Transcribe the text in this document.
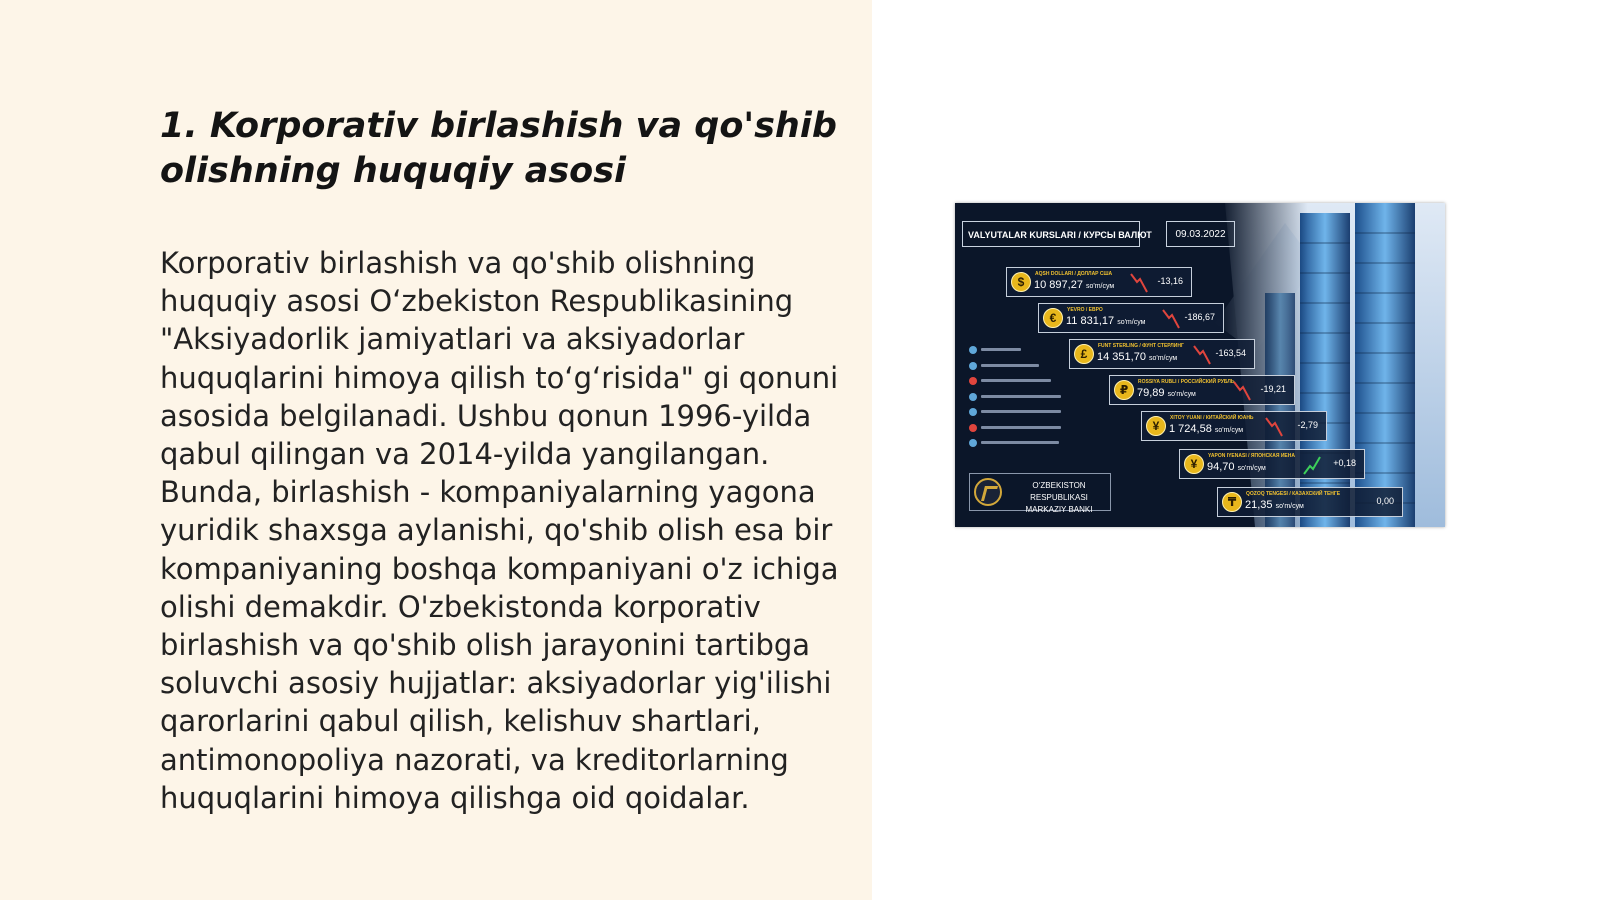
1. Korporativ birlashish va qo'shib olishning huquqiy asosi

Korporativ birlashish va qo'shib olishning huquqiy asosi O‘zbekiston Respublikasining "Aksiyadorlik jamiyatlari va aksiyadorlar huquqlarini himoya qilish to‘g‘risida" gi qonuni asosida belgilanadi. Ushbu qonun 1996-yilda qabul qilingan va 2014-yilda yangilangan. Bunda, birlashish - kompaniyalarning yagona yuridik shaxsga aylanishi, qo'shib olish esa bir kompaniyaning boshqa kompaniyani o'z ichiga olishi demakdir. O'zbekistonda korporativ birlashish va qo'shib olish jarayonini tartibga soluvchi asosiy hujjatlar: aksiyadorlar yig'ilishi qarorlarini qabul qilish, kelishuv shartlari, antimonopoliya nazorati, va kreditorlarning huquqlarini himoya qilishga oid qoidalar.

VALYUTALAR KURSLARI / КУРСЫ ВАЛЮТ	09.03.2022
$
AQSH DOLLARI / ДОЛЛАР США
10 897,27 so'm/сум
-13,16
€
YEVRO / ЕВРО
11 831,17 so'm/сум
-186,67
£
FUNT STERLING / ФУНТ СТЕРЛИНГ
14 351,70 so'm/сум
-163,54
₽
ROSSIYA RUBLI / РОССИЙСКИЙ РУБЛЬ
79,89 so'm/сум
-19,21
¥
XITOY YUANI / КИТАЙСКИЙ ЮАНЬ
1 724,58 so'm/сум
-2,79
¥
YAPON IYENASI / ЯПОНСКАЯ ИЕНА
94,70 so'm/сум
+0,18
₸
QOZOQ TENGESI / КАЗАХСКИЙ ТЕНГЕ
21,35 so'm/сум
0,00
O‘ZBEKISTON RESPUBLIKASI
MARKAZIY BANKI
